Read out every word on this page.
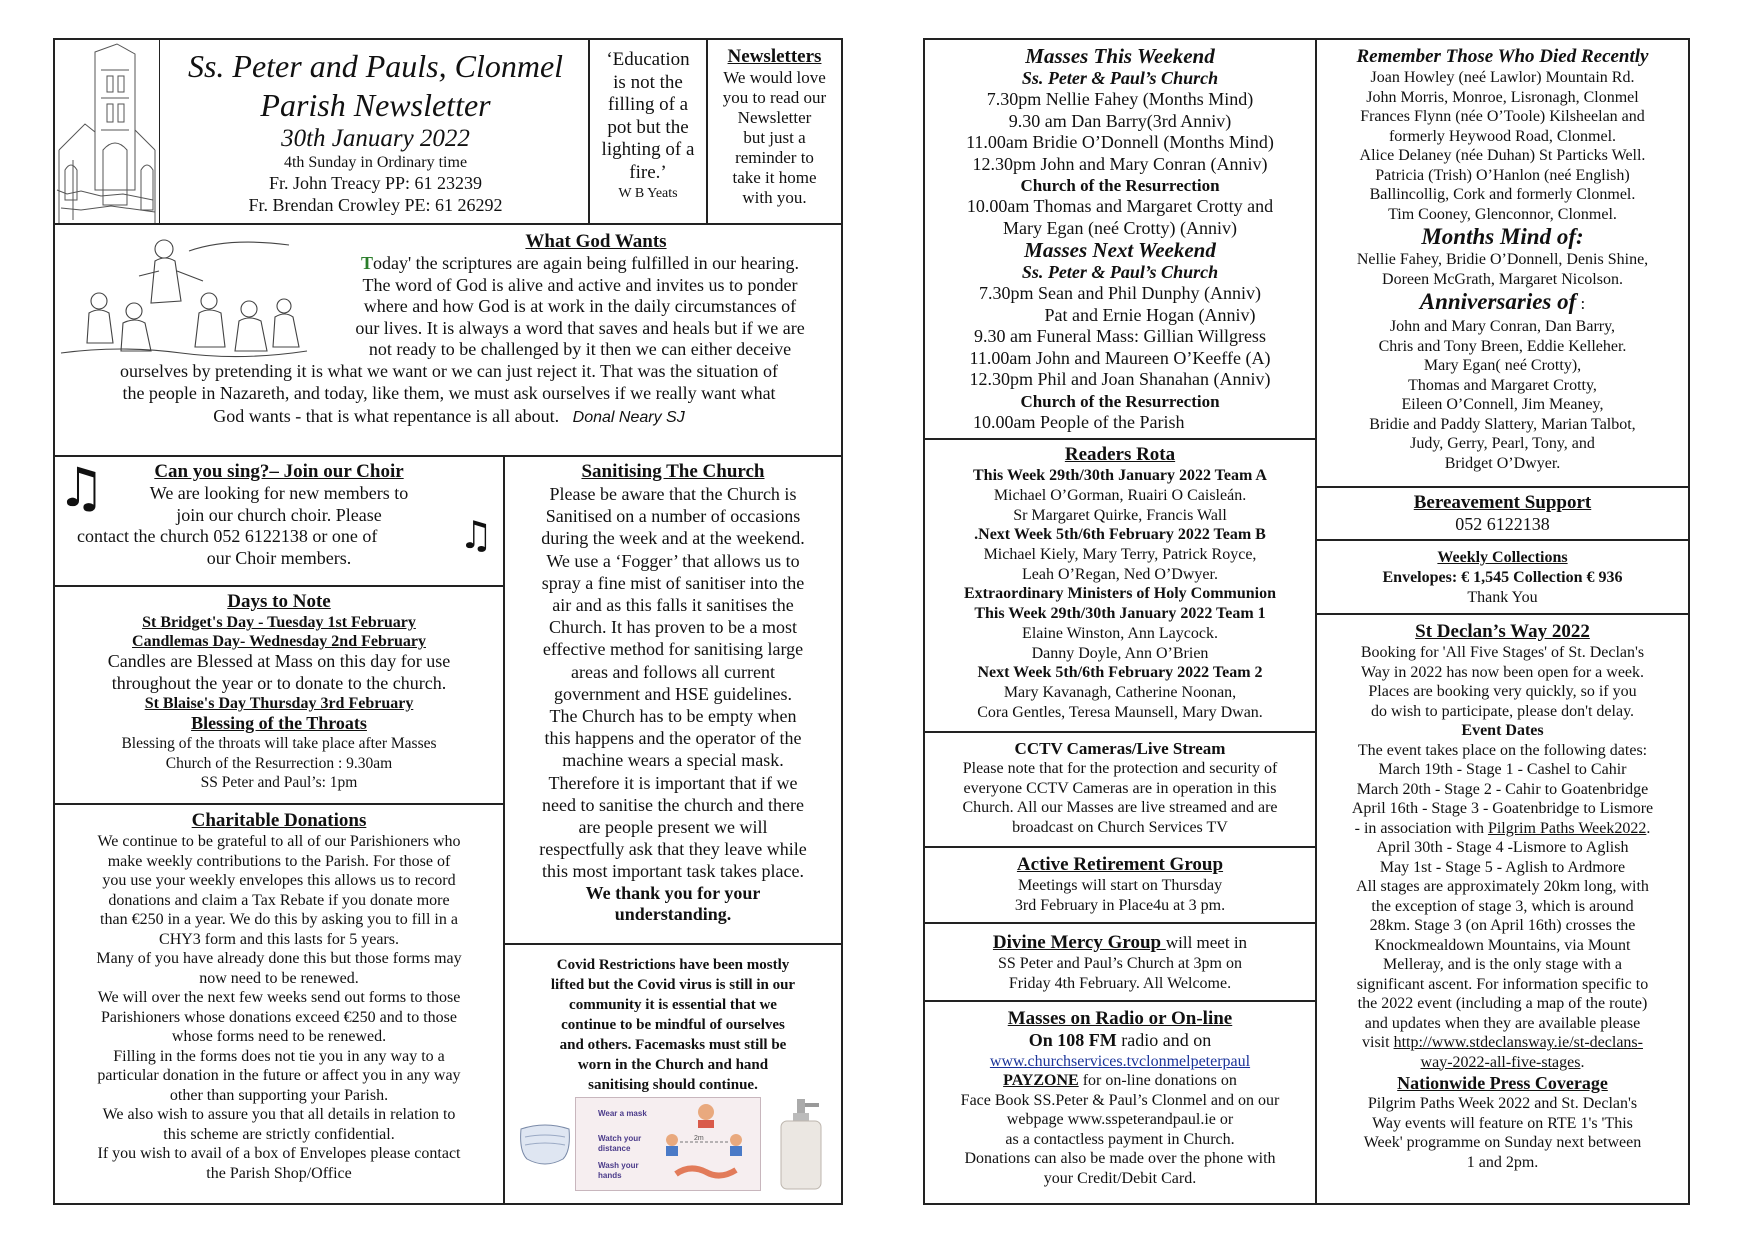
Ss. Peter and Pauls, Clonmel
Parish Newsletter
30th January 2022
4th Sunday in Ordinary time
Fr. John Treacy PP: 61 23239
Fr. Brendan Crowley PE: 61 26292
‘Education
is not the
filling of a
pot but the
lighting of a
fire.’
W B Yeats
Newsletters
We would love
you to read our
Newsletter
but just a
reminder to
take it home
with you.
What God Wants
Today' the scriptures are again being fulfilled in our hearing.
The word of God is alive and active and invites us to ponder
where and how God is at work in the daily circumstances of
our lives. It is always a word that saves and heals but if we are
not ready to be challenged by it then we can either deceive
ourselves by pretending it is what we want or we can just reject it. That was the situation of
the people in Nazareth, and today, like them, we must ask ourselves if we really want what
God wants - that is what repentance is all about. Donal Neary SJ
♫
♫
Can you sing?– Join our Choir
We are looking for new members to
join our church choir. Please
contact the church 052 6122138 or one of
our Choir members.
Days to Note
St Bridget's Day - Tuesday 1st February
Candlemas Day- Wednesday 2nd February
Candles are Blessed at Mass on this day for use
throughout the year or to donate to the church.
St Blaise's Day Thursday 3rd February
Blessing of the Throats
Blessing of the throats will take place after Masses
Church of the Resurrection : 9.30am
SS Peter and Paul’s: 1pm
Charitable Donations
We continue to be grateful to all of our Parishioners who
make weekly contributions to the Parish. For those of
you use your weekly envelopes this allows us to record
donations and claim a Tax Rebate if you donate more
than €250 in a year. We do this by asking you to fill in a
CHY3 form and this lasts for 5 years.
Many of you have already done this but those forms may
now need to be renewed.
We will over the next few weeks send out forms to those
Parishioners whose donations exceed €250 and to those
whose forms need to be renewed.
Filling in the forms does not tie you in any way to a
particular donation in the future or affect you in any way
other than supporting your Parish.
We also wish to assure you that all details in relation to
this scheme are strictly confidential.
If you wish to avail of a box of Envelopes please contact
the Parish Shop/Office
Sanitising The Church
Please be aware that the Church is
Sanitised on a number of occasions
during the week and at the weekend.
We use a ‘Fogger’ that allows us to
spray a fine mist of sanitiser into the
air and as this falls it sanitises the
Church. It has proven to be a most
effective method for sanitising large
areas and follows all current
government and HSE guidelines.
The Church has to be empty when
this happens and the operator of the
machine wears a special mask.
Therefore it is important that if we
need to sanitise the church and there
are people present we will
respectfully ask that they leave while
this most important task takes place.
We thank you for your
understanding.
Covid Restrictions have been mostly
lifted but the Covid virus is still in our
community it is essential that we
continue to be mindful of ourselves
and others. Facemasks must still be
worn in the Church and hand
sanitising should continue.
Wear a mask
Watch your distance
Wash your hands
2m
Masses This Weekend
Ss. Peter & Paul’s Church
7.30pm Nellie Fahey (Months Mind)
9.30 am Dan Barry(3rd Anniv)
11.00am Bridie O’Donnell (Months Mind)
12.30pm John and Mary Conran (Anniv)
Church of the Resurrection
10.00am Thomas and Margaret Crotty and
Mary Egan (neé Crotty) (Anniv)
Masses Next Weekend
Ss. Peter & Paul’s Church
7.30pm Sean and Phil Dunphy (Anniv)
Pat and Ernie Hogan (Anniv)
9.30 am Funeral Mass: Gillian Willgress
11.00am John and Maureen O’Keeffe (A)
12.30pm Phil and Joan Shanahan (Anniv)
Church of the Resurrection
10.00am People of the Parish
Readers Rota
This Week 29th/30th January 2022 Team A
Michael O’Gorman, Ruairi O Caisleán.
Sr Margaret Quirke, Francis Wall
.Next Week 5th/6th February 2022 Team B
Michael Kiely, Mary Terry, Patrick Royce,
Leah O’Regan, Ned O’Dwyer.
Extraordinary Ministers of Holy Communion
This Week 29th/30th January 2022 Team 1
Elaine Winston, Ann Laycock.
Danny Doyle, Ann O’Brien
Next Week 5th/6th February 2022 Team 2
Mary Kavanagh, Catherine Noonan,
Cora Gentles, Teresa Maunsell, Mary Dwan.
CCTV Cameras/Live Stream
Please note that for the protection and security of
everyone CCTV Cameras are in operation in this
Church. All our Masses are live streamed and are
broadcast on Church Services TV
Active Retirement Group
Meetings will start on Thursday
3rd February in Place4u at 3 pm.
Divine Mercy Group will meet in
SS Peter and Paul’s Church at 3pm on
Friday 4th February. All Welcome.
Masses on Radio or On-line
On 108 FM radio and on
www.churchservices.tvclonmelpeterpaul
PAYZONE for on-line donations on
Face Book SS.Peter & Paul’s Clonmel and on our
webpage www.sspeterandpaul.ie or
as a contactless payment in Church.
Donations can also be made over the phone with
your Credit/Debit Card.
Remember Those Who Died Recently
Joan Howley (neé Lawlor) Mountain Rd.
John Morris, Monroe, Lisronagh, Clonmel
Frances Flynn (née O’Toole) Kilsheelan and
formerly Heywood Road, Clonmel.
Alice Delaney (née Duhan) St Particks Well.
Patricia (Trish) O’Hanlon (neé English)
Ballincollig, Cork and formerly Clonmel.
Tim Cooney, Glenconnor, Clonmel.
Months Mind of:
Nellie Fahey, Bridie O’Donnell, Denis Shine,
Doreen McGrath, Margaret Nicolson.
Anniversaries of :
John and Mary Conran, Dan Barry,
Chris and Tony Breen, Eddie Kelleher.
Mary Egan( neé Crotty),
Thomas and Margaret Crotty,
Eileen O’Connell, Jim Meaney,
Bridie and Paddy Slattery, Marian Talbot,
Judy, Gerry, Pearl, Tony, and
Bridget O’Dwyer.
Bereavement Support
052 6122138
Weekly Collections
Envelopes: € 1,545 Collection € 936
Thank You
St Declan’s Way 2022
Booking for 'All Five Stages' of St. Declan's
Way in 2022 has now been open for a week.
Places are booking very quickly, so if you
do wish to participate, please don't delay.
Event Dates
The event takes place on the following dates:
March 19th - Stage 1 - Cashel to Cahir
March 20th - Stage 2 - Cahir to Goatenbridge
April 16th - Stage 3 - Goatenbridge to Lismore
- in association with Pilgrim Paths Week2022.
April 30th - Stage 4 -Lismore to Aglish
May 1st - Stage 5 - Aglish to Ardmore
All stages are approximately 20km long, with
the exception of stage 3, which is around
28km. Stage 3 (on April 16th) crosses the
Knockmealdown Mountains, via Mount
Melleray, and is the only stage with a
significant ascent. For information specific to
the 2022 event (including a map of the route)
and updates when they are available please
visit http://www.stdeclansway.ie/st-declans-
way-2022-all-five-stages.
Nationwide Press Coverage
Pilgrim Paths Week 2022 and St. Declan's
Way events will feature on RTE 1's 'This
Week' programme on Sunday next between
1 and 2pm.
